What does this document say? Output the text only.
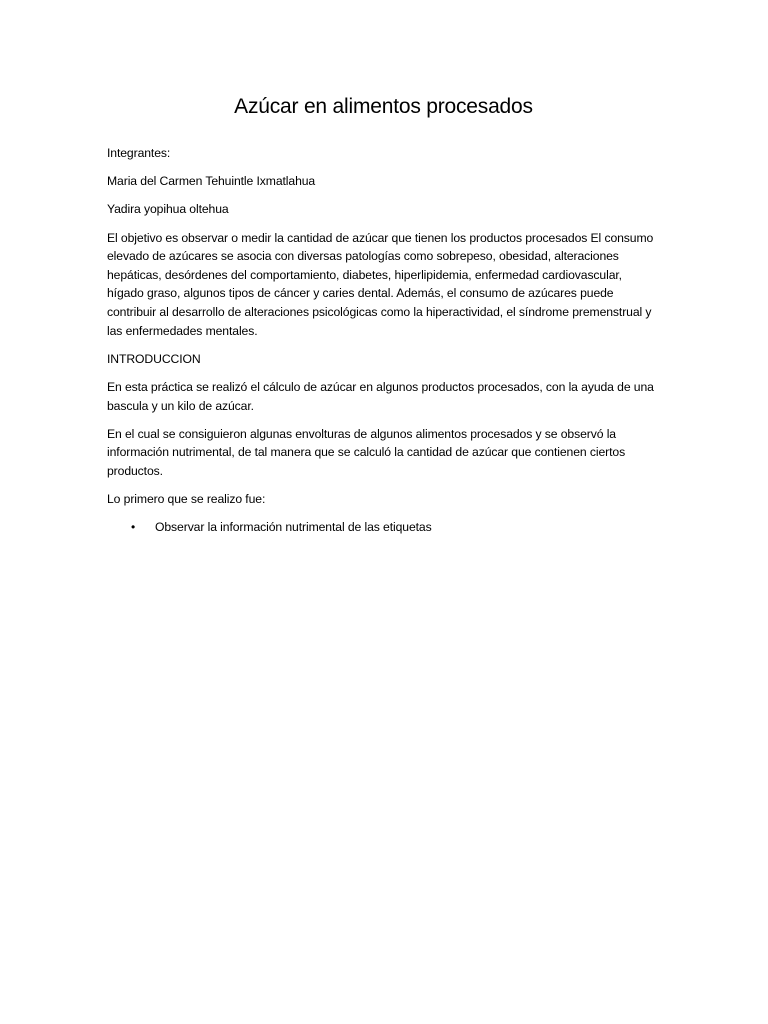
Azúcar en alimentos procesados

Integrantes:

Maria del Carmen Tehuintle Ixmatlahua

Yadira yopihua oltehua

El objetivo es observar o medir la cantidad de azúcar que tienen los productos procesados El consumo elevado de azúcares se asocia con diversas patologías como sobrepeso, obesidad, alteraciones hepáticas, desórdenes del comportamiento, diabetes, hiperlipidemia, enfermedad cardiovascular, hígado graso, algunos tipos de cáncer y caries dental. Además, el consumo de azúcares puede contribuir al desarrollo de alteraciones psicológicas como la hiperactividad, el síndrome premenstrual y las enfermedades mentales.

INTRODUCCION

En esta práctica se realizó el cálculo de azúcar en algunos productos procesados, con la ayuda de una bascula y un kilo de azúcar.

En el cual se consiguieron algunas envolturas de algunos alimentos procesados y se observó la información nutrimental, de tal manera que se calculó la cantidad de azúcar que contienen ciertos productos.

Lo primero que se realizo fue:

• Observar la información nutrimental de las etiquetas
